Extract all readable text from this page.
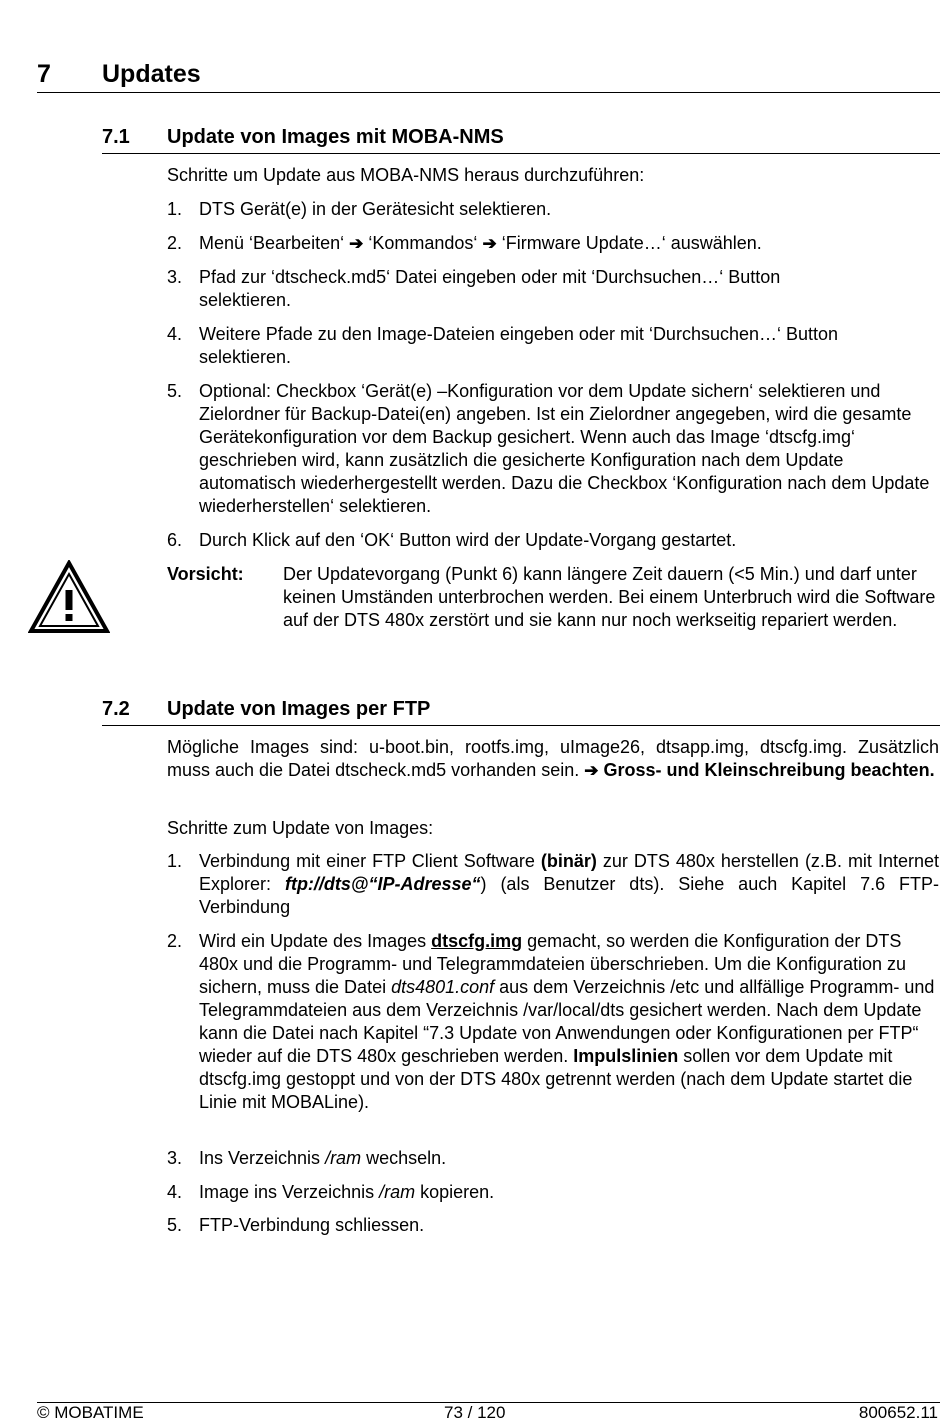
7 Updates
7.1 Update von Images mit MOBA-NMS
Schritte um Update aus MOBA-NMS heraus durchzuführen:
1. DTS Gerät(e) in der Gerätesicht selektieren.
2. Menü ‘Bearbeiten‘ ➔ ‘Kommandos‘ ➔ ‘Firmware Update…‘ auswählen.
3. Pfad zur ‘dtscheck.md5‘ Datei eingeben oder mit ‘Durchsuchen…‘ Button selektieren.
4. Weitere Pfade zu den Image-Dateien eingeben oder mit ‘Durchsuchen…‘ Button selektieren.
5. Optional: Checkbox ‘Gerät(e) –Konfiguration vor dem Update sichern‘ selektieren und Zielordner für Backup-Datei(en) angeben. Ist ein Zielordner angegeben, wird die gesamte Gerätekonfiguration vor dem Backup gesichert. Wenn auch das Image ‘dtscfg.img‘ geschrieben wird, kann zusätzlich die gesicherte Konfiguration nach dem Update automatisch wiederhergestellt werden. Dazu die Checkbox ‘Konfiguration nach dem Update wiederherstellen‘ selektieren.
6. Durch Klick auf den ‘OK‘ Button wird der Update-Vorgang gestartet.
Vorsicht: Der Updatevorgang (Punkt 6) kann längere Zeit dauern (<5 Min.) und darf unter keinen Umständen unterbrochen werden. Bei einem Unterbruch wird die Software auf der DTS 480x zerstört und sie kann nur noch werkseitig repariert werden.
7.2 Update von Images per FTP
Mögliche Images sind: u-boot.bin, rootfs.img, uImage26, dtsapp.img, dtscfg.img. Zusätzlich muss auch die Datei dtscheck.md5 vorhanden sein. ➔ Gross- und Kleinschreibung beachten.
Schritte zum Update von Images:
1. Verbindung mit einer FTP Client Software (binär) zur DTS 480x herstellen (z.B. mit Internet Explorer: ftp://dts@“IP-Adresse“) (als Benutzer dts). Siehe auch Kapitel 7.6 FTP-Verbindung
2. Wird ein Update des Images dtscfg.img gemacht, so werden die Konfiguration der DTS 480x und die Programm- und Telegrammdateien überschrieben. Um die Konfiguration zu sichern, muss die Datei dts4801.conf aus dem Verzeichnis /etc und allfällige Programm- und Telegrammdateien aus dem Verzeichnis /var/local/dts gesichert werden. Nach dem Update kann die Datei nach Kapitel “7.3 Update von Anwendungen oder Konfigurationen per FTP“ wieder auf die DTS 480x geschrieben werden. Impulslinien sollen vor dem Update mit dtscfg.img gestoppt und von der DTS 480x getrennt werden (nach dem Update startet die Linie mit MOBALine).
3. Ins Verzeichnis /ram wechseln.
4. Image ins Verzeichnis /ram kopieren.
5. FTP-Verbindung schliessen.
© MOBATIME	73 / 120	800652.11
